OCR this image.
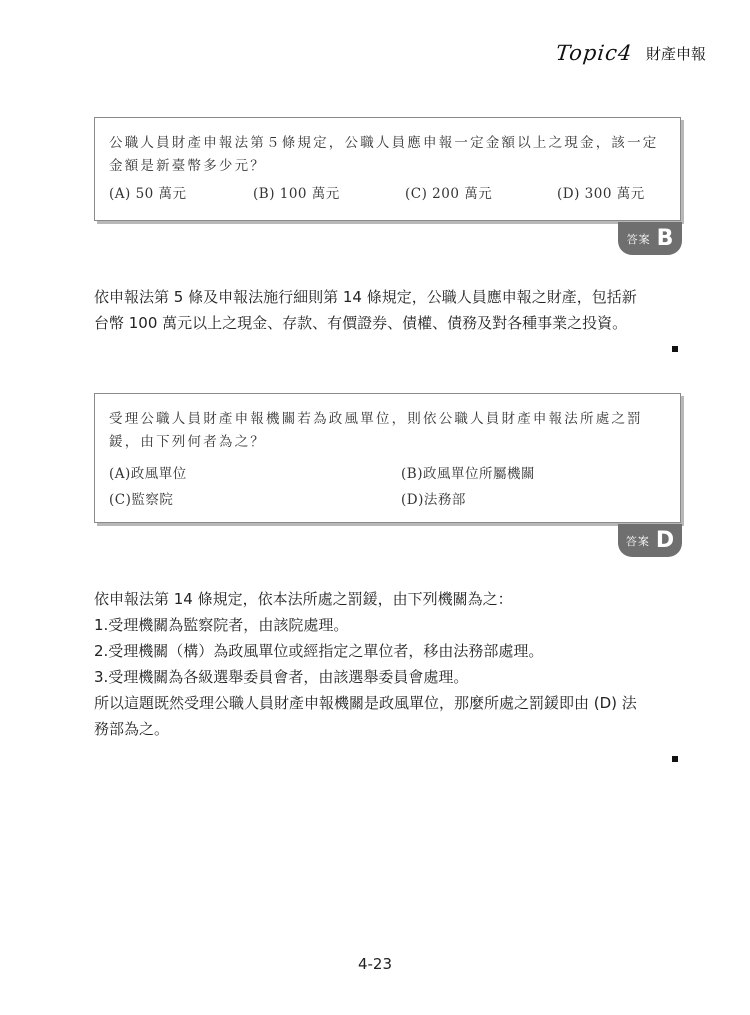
Topic4 財產申報
公職人員財產申報法第５條規定，公職人員應申報一定金額以上之現金，該一定金額是新臺幣多少元？
(A) 50 萬元	(B) 100 萬元	(C) 200 萬元	(D) 300 萬元
答案 B
依申報法第 5 條及申報法施行細則第 14 條規定，公職人員應申報之財產，包括新
台幣 100 萬元以上之現金、存款、有價證券、債權、債務及對各種事業之投資。
受理公職人員財產申報機關若為政風單位，則依公職人員財產申報法所處之罰鍰，由下列何者為之？
(A)政風單位	(B)政風單位所屬機關
(C)監察院	(D)法務部
答案 D
依申報法第 14 條規定，依本法所處之罰鍰，由下列機關為之：
1.受理機關為監察院者，由該院處理。
2.受理機關（構）為政風單位或經指定之單位者，移由法務部處理。
3.受理機關為各級選舉委員會者，由該選舉委員會處理。
所以這題既然受理公職人員財產申報機關是政風單位，那麼所處之罰鍰即由 (D) 法
務部為之。
4-23
